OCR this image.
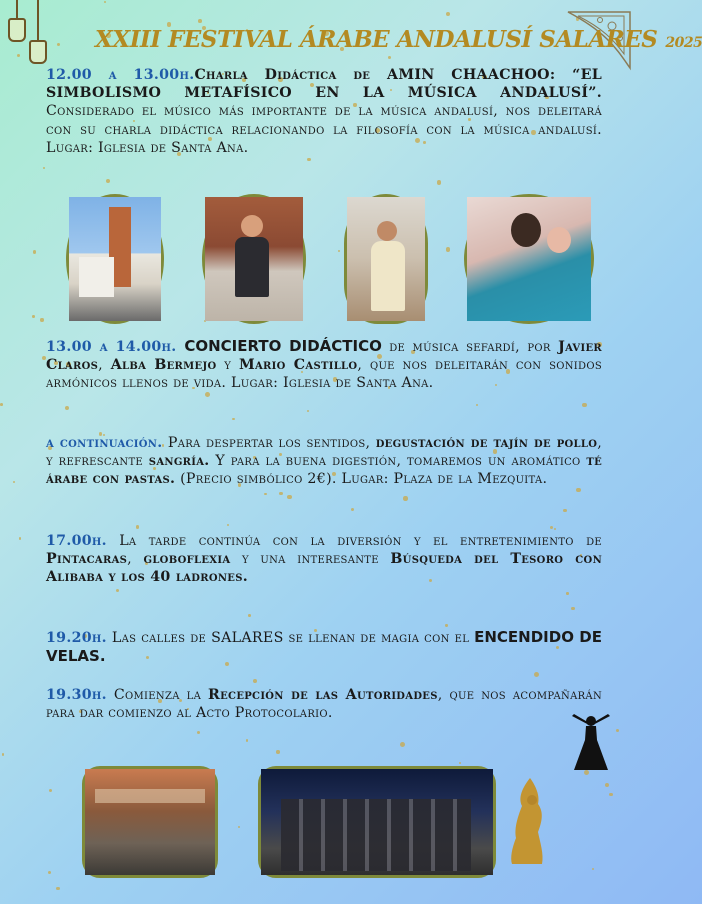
XXIII FESTIVAL ÁRABE ANDALUSÍ SALARES 2025
12.00 a 13.00h.Charla Didáctica de AMIN CHAACHOO: “EL SIMBOLISMO METAFÍSICO EN LA MÚSICA ANDALUSÍ”. Considerado el músico más importante de la música andalusí, nos deleitará con su charla didáctica relacionando la filosofía con la música andalusí. Lugar: Iglesia de Santa Ana.
13.00 a 14.00h. CONCIERTO DIDÁCTICO de música sefardí, por Javier Claros, Alba Bermejo y Mario Castillo, que nos deleitarán con sonidos armónicos llenos de vida. Lugar: Iglesia de Santa Ana.
a continuación. Para despertar los sentidos, degustación de tajín de pollo, y refrescante sangría. Y para la buena digestión, tomaremos un aromático té árabe con pastas. (Precio simbólico 2€). Lugar: Plaza de la Mezquita.
17.00h. La tarde continúa con la diversión y el entretenimiento de Pintacaras, globoflexia y una interesante Búsqueda del Tesoro con Alibaba y los 40 ladrones.
19.20h. Las calles de SALARES se llenan de magia con el ENCENDIDO DE VELAS.
19.30h. Comienza la Recepción de las Autoridades, que nos acompañarán para dar comienzo al Acto Protocolario.
